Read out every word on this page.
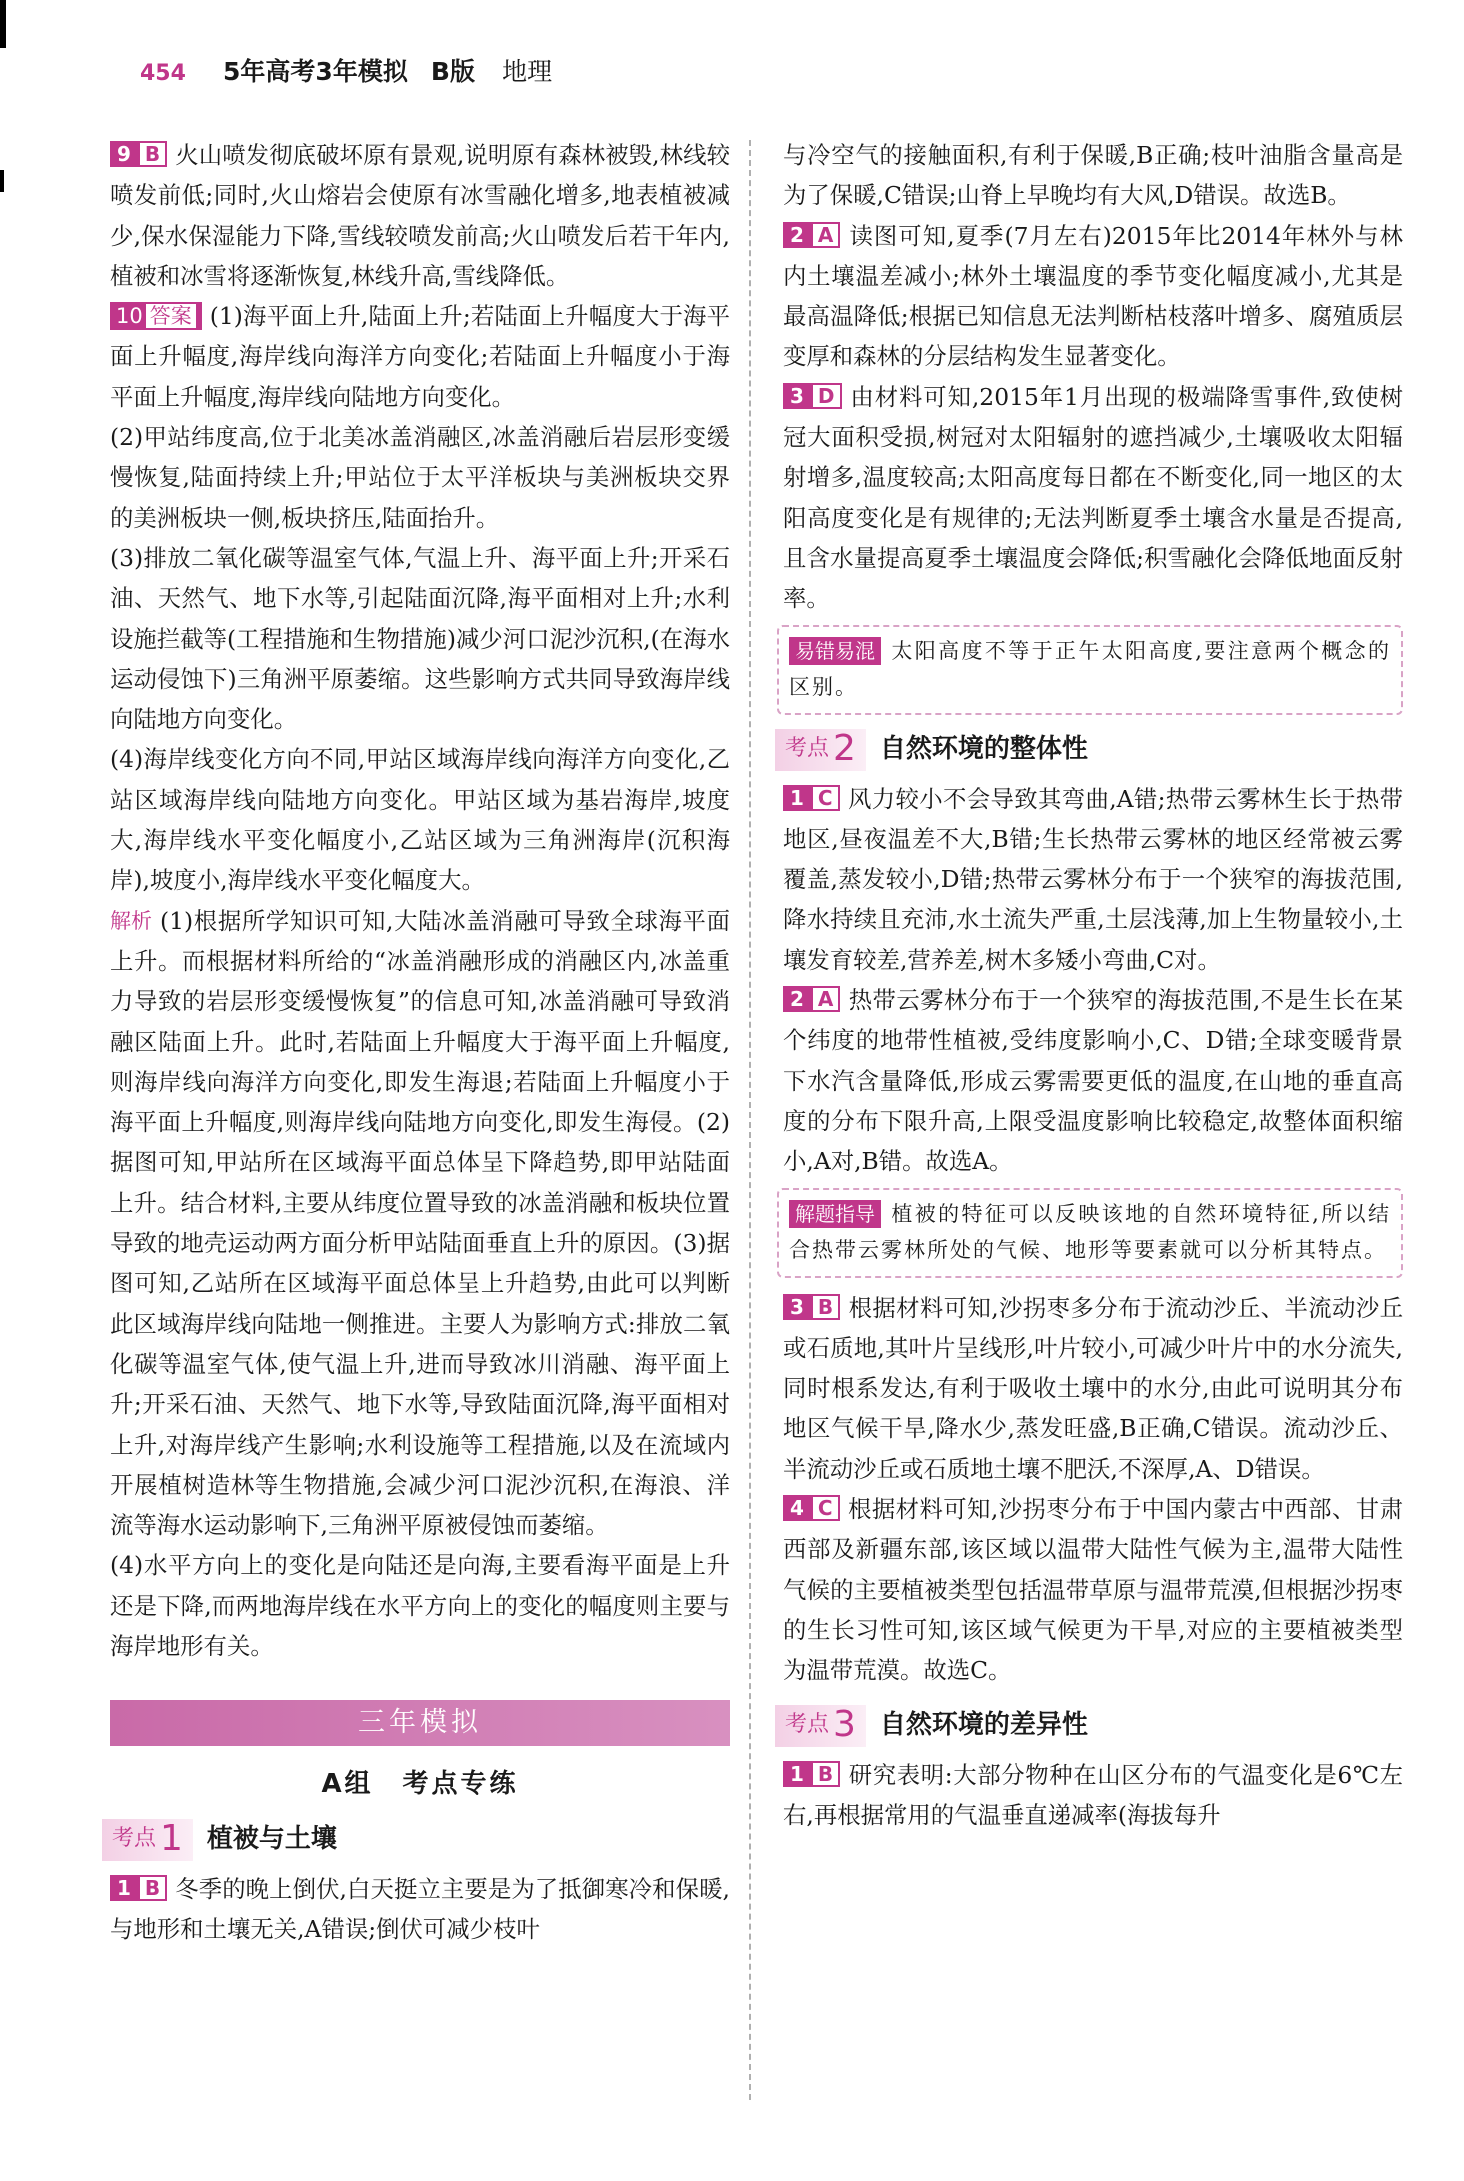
454 5年高考3年模拟 B版 地理

9 B 火山喷发彻底破坏原有景观,说明原有森林被毁,林线较喷发前低;同时,火山熔岩会使原有冰雪融化增多,地表植被减少,保水保湿能力下降,雪线较喷发前高;火山喷发后若干年内,植被和冰雪将逐渐恢复,林线升高,雪线降低。

10 答案 (1)海平面上升,陆面上升;若陆面上升幅度大于海平面上升幅度,海岸线向海洋方向变化;若陆面上升幅度小于海平面上升幅度,海岸线向陆地方向变化。

(2)甲站纬度高,位于北美冰盖消融区,冰盖消融后岩层形变缓慢恢复,陆面持续上升;甲站位于太平洋板块与美洲板块交界的美洲板块一侧,板块挤压,陆面抬升。

(3)排放二氧化碳等温室气体,气温上升、海平面上升;开采石油、天然气、地下水等,引起陆面沉降,海平面相对上升;水利设施拦截等(工程措施和生物措施)减少河口泥沙沉积,(在海水运动侵蚀下)三角洲平原萎缩。这些影响方式共同导致海岸线向陆地方向变化。

(4)海岸线变化方向不同,甲站区域海岸线向海洋方向变化,乙站区域海岸线向陆地方向变化。甲站区域为基岩海岸,坡度大,海岸线水平变化幅度小,乙站区域为三角洲海岸(沉积海岸),坡度小,海岸线水平变化幅度大。

解析 (1)根据所学知识可知,大陆冰盖消融可导致全球海平面上升。而根据材料所给的“冰盖消融形成的消融区内,冰盖重力导致的岩层形变缓慢恢复”的信息可知,冰盖消融可导致消融区陆面上升。此时,若陆面上升幅度大于海平面上升幅度,则海岸线向海洋方向变化,即发生海退;若陆面上升幅度小于海平面上升幅度,则海岸线向陆地方向变化,即发生海侵。(2)据图可知,甲站所在区域海平面总体呈下降趋势,即甲站陆面上升。结合材料,主要从纬度位置导致的冰盖消融和板块位置导致的地壳运动两方面分析甲站陆面垂直上升的原因。(3)据图可知,乙站所在区域海平面总体呈上升趋势,由此可以判断此区域海岸线向陆地一侧推进。主要人为影响方式:排放二氧化碳等温室气体,使气温上升,进而导致冰川消融、海平面上升;开采石油、天然气、地下水等,导致陆面沉降,海平面相对上升,对海岸线产生影响;水利设施等工程措施,以及在流域内开展植树造林等生物措施,会减少河口泥沙沉积,在海浪、洋流等海水运动影响下,三角洲平原被侵蚀而萎缩。

(4)水平方向上的变化是向陆还是向海,主要看海平面是上升还是下降,而两地海岸线在水平方向上的变化的幅度则主要与海岸地形有关。

三年模拟
A组　考点专练
考点 1 植被与土壤

1 B 冬季的晚上倒伏,白天挺立主要是为了抵御寒冷和保暖,与地形和土壤无关,A错误;倒伏可减少枝叶

与冷空气的接触面积,有利于保暖,B正确;枝叶油脂含量高是为了保暖,C错误;山脊上早晚均有大风,D错误。故选B。

2 A 读图可知,夏季(7月左右)2015年比2014年林外与林内土壤温差减小;林外土壤温度的季节变化幅度减小,尤其是最高温降低;根据已知信息无法判断枯枝落叶增多、腐殖质层变厚和森林的分层结构发生显著变化。

3 D 由材料可知,2015年1月出现的极端降雪事件,致使树冠大面积受损,树冠对太阳辐射的遮挡减少,土壤吸收太阳辐射增多,温度较高;太阳高度每日都在不断变化,同一地区的太阳高度变化是有规律的;无法判断夏季土壤含水量是否提高,且含水量提高夏季土壤温度会降低;积雪融化会降低地面反射率。

易错易混 太阳高度不等于正午太阳高度,要注意两个概念的区别。
考点 2 自然环境的整体性

1 C 风力较小不会导致其弯曲,A错;热带云雾林生长于热带地区,昼夜温差不大,B错;生长热带云雾林的地区经常被云雾覆盖,蒸发较小,D错;热带云雾林分布于一个狭窄的海拔范围,降水持续且充沛,水土流失严重,土层浅薄,加上生物量较小,土壤发育较差,营养差,树木多矮小弯曲,C对。

2 A 热带云雾林分布于一个狭窄的海拔范围,不是生长在某个纬度的地带性植被,受纬度影响小,C、D错;全球变暖背景下水汽含量降低,形成云雾需要更低的温度,在山地的垂直高度的分布下限升高,上限受温度影响比较稳定,故整体面积缩小,A对,B错。故选A。

解题指导 植被的特征可以反映该地的自然环境特征,所以结合热带云雾林所处的气候、地形等要素就可以分析其特点。

3 B 根据材料可知,沙拐枣多分布于流动沙丘、半流动沙丘或石质地,其叶片呈线形,叶片较小,可减少叶片中的水分流失,同时根系发达,有利于吸收土壤中的水分,由此可说明其分布地区气候干旱,降水少,蒸发旺盛,B正确,C错误。流动沙丘、半流动沙丘或石质地土壤不肥沃,不深厚,A、D错误。

4 C 根据材料可知,沙拐枣分布于中国内蒙古中西部、甘肃西部及新疆东部,该区域以温带大陆性气候为主,温带大陆性气候的主要植被类型包括温带草原与温带荒漠,但根据沙拐枣的生长习性可知,该区域气候更为干旱,对应的主要植被类型为温带荒漠。故选C。

考点 3 自然环境的差异性

1 B 研究表明:大部分物种在山区分布的气温变化是6℃左右,再根据常用的气温垂直递减率(海拔每升
